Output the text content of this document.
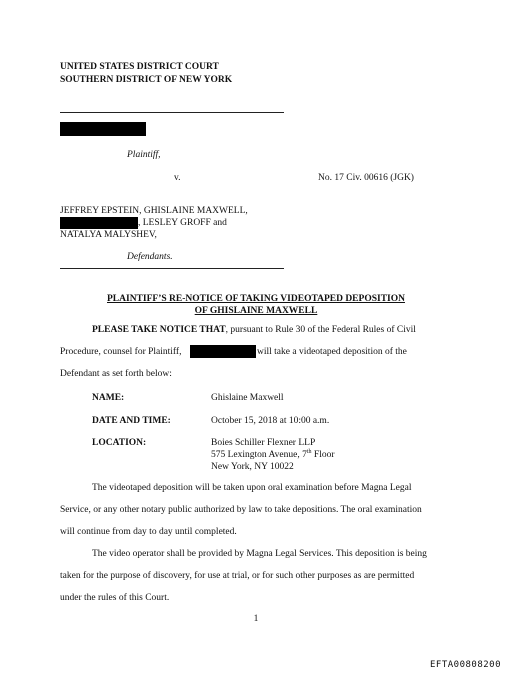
UNITED STATES DISTRICT COURT
SOUTHERN DISTRICT OF NEW YORK
Plaintiff,
v.	No. 17 Civ. 00616 (JGK)
JEFFREY EPSTEIN, GHISLAINE MAXWELL,
, LESLEY GROFF and
NATALYA MALYSHEV,
Defendants.
PLAINTIFF’S RE-NOTICE OF TAKING VIDEOTAPED DEPOSITION
OF GHISLAINE MAXWELL
PLEASE TAKE NOTICE THAT, pursuant to Rule 30 of the Federal Rules of Civil
Procedure, counsel for Plaintiff,	will take a videotaped deposition of the
Defendant as set forth below:
NAME:	Ghislaine Maxwell
DATE AND TIME:	October 15, 2018 at 10:00 a.m.
LOCATION:	Boies Schiller Flexner LLP
575 Lexington Avenue, 7th Floor
New York, NY 10022
The videotaped deposition will be taken upon oral examination before Magna Legal
Service, or any other notary public authorized by law to take depositions. The oral examination
will continue from day to day until completed.
The video operator shall be provided by Magna Legal Services. This deposition is being
taken for the purpose of discovery, for use at trial, or for such other purposes as are permitted
under the rules of this Court.
1
EFTA00808200
